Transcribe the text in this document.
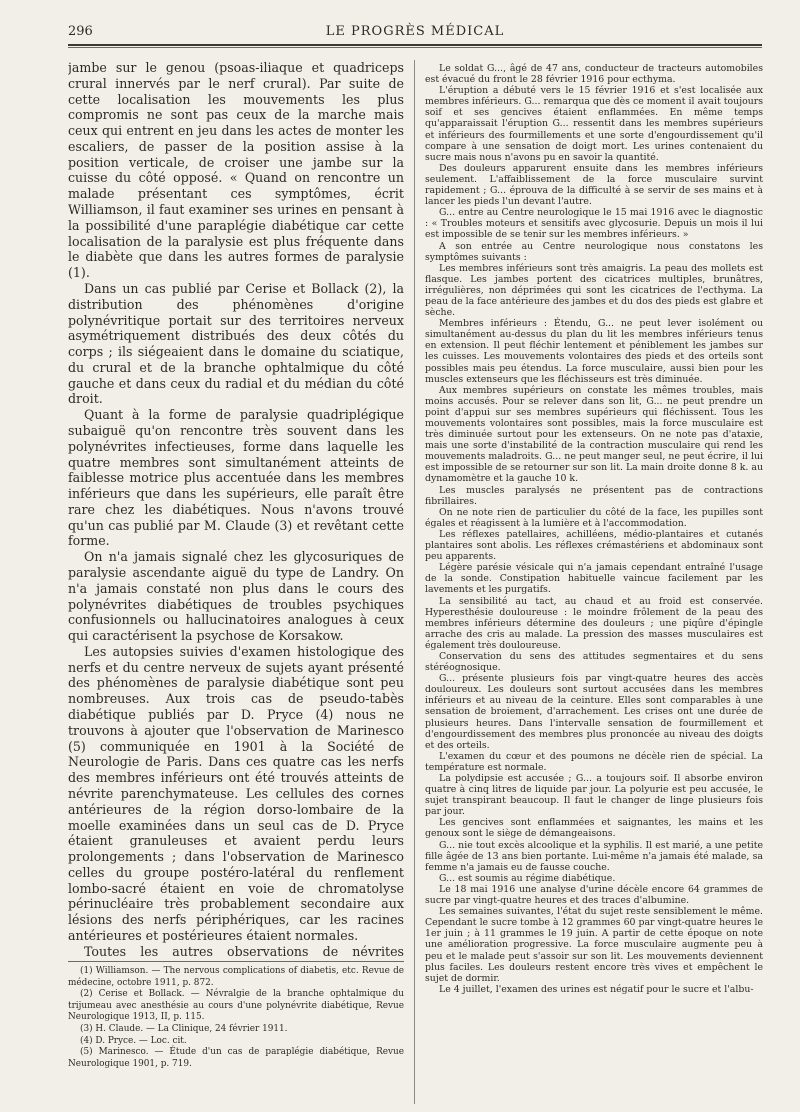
296	LE PROGRÈS MÉDICAL

jambe sur le genou (psoas-iliaque et quadriceps crural innervés par le nerf crural). Par suite de cette localisation les mouvements les plus compromis ne sont pas ceux de la marche mais ceux qui entrent en jeu dans les actes de monter les escaliers, de passer de la position assise à la position verticale, de croiser une jambe sur la cuisse du côté opposé. « Quand on rencontre un malade présentant ces symptômes, écrit Williamson, il faut examiner ses urines en pensant à la possibilité d'une paraplégie diabétique car cette localisation de la paralysie est plus fréquente dans le diabète que dans les autres formes de paralysie (1).

Dans un cas publié par Cerise et Bollack (2), la distribution des phénomènes d'origine polynévritique portait sur des territoires nerveux asymétriquement distribués des deux côtés du corps ; ils siégeaient dans le domaine du sciatique, du crural et de la branche ophtalmique du côté gauche et dans ceux du radial et du médian du côté droit.

Quant à la forme de paralysie quadriplégique subaiguë qu'on rencontre très souvent dans les polynévrites infectieuses, forme dans laquelle les quatre membres sont simultanément atteints de faiblesse motrice plus accentuée dans les membres inférieurs que dans les supérieurs, elle paraît être rare chez les diabétiques. Nous n'avons trouvé qu'un cas publié par M. Claude (3) et revêtant cette forme.

On n'a jamais signalé chez les glycosuriques de paralysie ascendante aiguë du type de Landry. On n'a jamais constaté non plus dans le cours des polynévrites diabétiques de troubles psychiques confusionnels ou hallucinatoires analogues à ceux qui caractérisent la psychose de Korsakow.

Les autopsies suivies d'examen histologique des nerfs et du centre nerveux de sujets ayant présenté des phénomènes de paralysie diabétique sont peu nombreuses. Aux trois cas de pseudo-tabès diabétique publiés par D. Pryce (4) nous ne trouvons à ajouter que l'observation de Marinesco (5) communiquée en 1901 à la Société de Neurologie de Paris. Dans ces quatre cas les nerfs des membres inférieurs ont été trouvés atteints de névrite parenchymateuse. Les cellules des cornes antérieures de la région dorso-lombaire de la moelle examinées dans un seul cas de D. Pryce étaient granuleuses et avaient perdu leurs prolongements ; dans l'observation de Marinesco celles du groupe postéro-latéral du renflement lombo-sacré étaient en voie de chromatolyse périnucléaire très probablement secondaire aux lésions des nerfs périphériques, car les racines antérieures et postérieures étaient normales.

Toutes les autres observations de névrites

(1) Williamson. — The nervous complications of diabetis, etc. Revue de médecine, octobre 1911, p. 872.

(2) Cerise et Bollack. — Névralgie de la branche ophtalmique du trijumeau avec anesthésie au cours d'une polynévrite diabétique, Revue Neurologique 1913, II, p. 115.

(3) H. Claude. — La Clinique, 24 février 1911.

(4) D. Pryce. — Loc. cit.

(5) Marinesco. — Étude d'un cas de paraplégie diabétique, Revue Neurologique 1901, p. 719.

Le soldat G..., âgé de 47 ans, conducteur de tracteurs automobiles est évacué du front le 28 février 1916 pour ecthyma.

L'éruption a débuté vers le 15 février 1916 et s'est localisée aux membres inférieurs. G... remarqua que dès ce moment il avait toujours soif et ses gencives étaient enflammées. En même temps qu'apparaissait l'éruption G... ressentit dans les membres supérieurs et inférieurs des fourmillements et une sorte d'engourdissement qu'il compare à une sensation de doigt mort. Les urines contenaient du sucre mais nous n'avons pu en savoir la quantité.

Des douleurs apparurent ensuite dans les membres inférieurs seulement. L'affaiblissement de la force musculaire survint rapidement ; G... éprouva de la difficulté à se servir de ses mains et à lancer les pieds l'un devant l'autre.

G... entre au Centre neurologique le 15 mai 1916 avec le diagnostic : « Troubles moteurs et sensitifs avec glycosurie. Depuis un mois il lui est impossible de se tenir sur les membres inférieurs. »

A son entrée au Centre neurologique nous constatons les symptômes suivants :

Les membres inférieurs sont très amaigris. La peau des mollets est flasque. Les jambes portent des cicatrices multiples, brunâtres, irrégulières, non déprimées qui sont les cicatrices de l'ecthyma. La peau de la face antérieure des jambes et du dos des pieds est glabre et sèche.

Membres inférieurs : Étendu, G... ne peut lever isolément ou simultanément au-dessus du plan du lit les membres inférieurs tenus en extension. Il peut fléchir lentement et péniblement les jambes sur les cuisses. Les mouvements volontaires des pieds et des orteils sont possibles mais peu étendus. La force musculaire, aussi bien pour les muscles extenseurs que les fléchisseurs est très diminuée.

Aux membres supérieurs on constate les mêmes troubles, mais moins accusés. Pour se relever dans son lit, G... ne peut prendre un point d'appui sur ses membres supérieurs qui fléchissent. Tous les mouvements volontaires sont possibles, mais la force musculaire est très diminuée surtout pour les extenseurs. On ne note pas d'ataxie, mais une sorte d'instabilité de la contraction musculaire qui rend les mouvements maladroits. G... ne peut manger seul, ne peut écrire, il lui est impossible de se retourner sur son lit. La main droite donne 8 k. au dynamomètre et la gauche 10 k.

Les muscles paralysés ne présentent pas de contractions fibrillaires.

On ne note rien de particulier du côté de la face, les pupilles sont égales et réagissent à la lumière et à l'accommodation.

Les réflexes patellaires, achilléens, médio-plantaires et cutanés plantaires sont abolis. Les réflexes crémastériens et abdominaux sont peu apparents.

Légère parésie vésicale qui n'a jamais cependant entraîné l'usage de la sonde. Constipation habituelle vaincue facilement par les lavements et les purgatifs.

La sensibilité au tact, au chaud et au froid est conservée. Hyperesthésie douloureuse : le moindre frôlement de la peau des membres inférieurs détermine des douleurs ; une piqûre d'épingle arrache des cris au malade. La pression des masses musculaires est également très douloureuse.

Conservation du sens des attitudes segmentaires et du sens stéréognosique.

G... présente plusieurs fois par vingt-quatre heures des accès douloureux. Les douleurs sont surtout accusées dans les membres inférieurs et au niveau de la ceinture. Elles sont comparables à une sensation de broiement, d'arrachement. Les crises ont une durée de plusieurs heures. Dans l'intervalle sensation de fourmillement et d'engourdissement des membres plus prononcée au niveau des doigts et des orteils.

L'examen du cœur et des poumons ne décèle rien de spécial. La température est normale.

La polydipsie est accusée ; G... a toujours soif. Il absorbe environ quatre à cinq litres de liquide par jour. La polyurie est peu accusée, le sujet transpirant beaucoup. Il faut le changer de linge plusieurs fois par jour.

Les gencives sont enflammées et saignantes, les mains et les genoux sont le siège de démangeaisons.

G... nie tout excès alcoolique et la syphilis. Il est marié, a une petite fille âgée de 13 ans bien portante. Lui-même n'a jamais été malade, sa femme n'a jamais eu de fausse couche.

G... est soumis au régime diabétique.

Le 18 mai 1916 une analyse d'urine décèle encore 64 grammes de sucre par vingt-quatre heures et des traces d'albumine.

Les semaines suivantes, l'état du sujet reste sensiblement le même. Cependant le sucre tombe à 12 grammes 60 par vingt-quatre heures le 1er juin ; à 11 grammes le 19 juin. A partir de cette époque on note une amélioration progressive. La force musculaire augmente peu à peu et le malade peut s'assoir sur son lit. Les mouvements deviennent plus faciles. Les douleurs restent encore très vives et empêchent le sujet de dormir.

Le 4 juillet, l'examen des urines est négatif pour le sucre et l'albu-
